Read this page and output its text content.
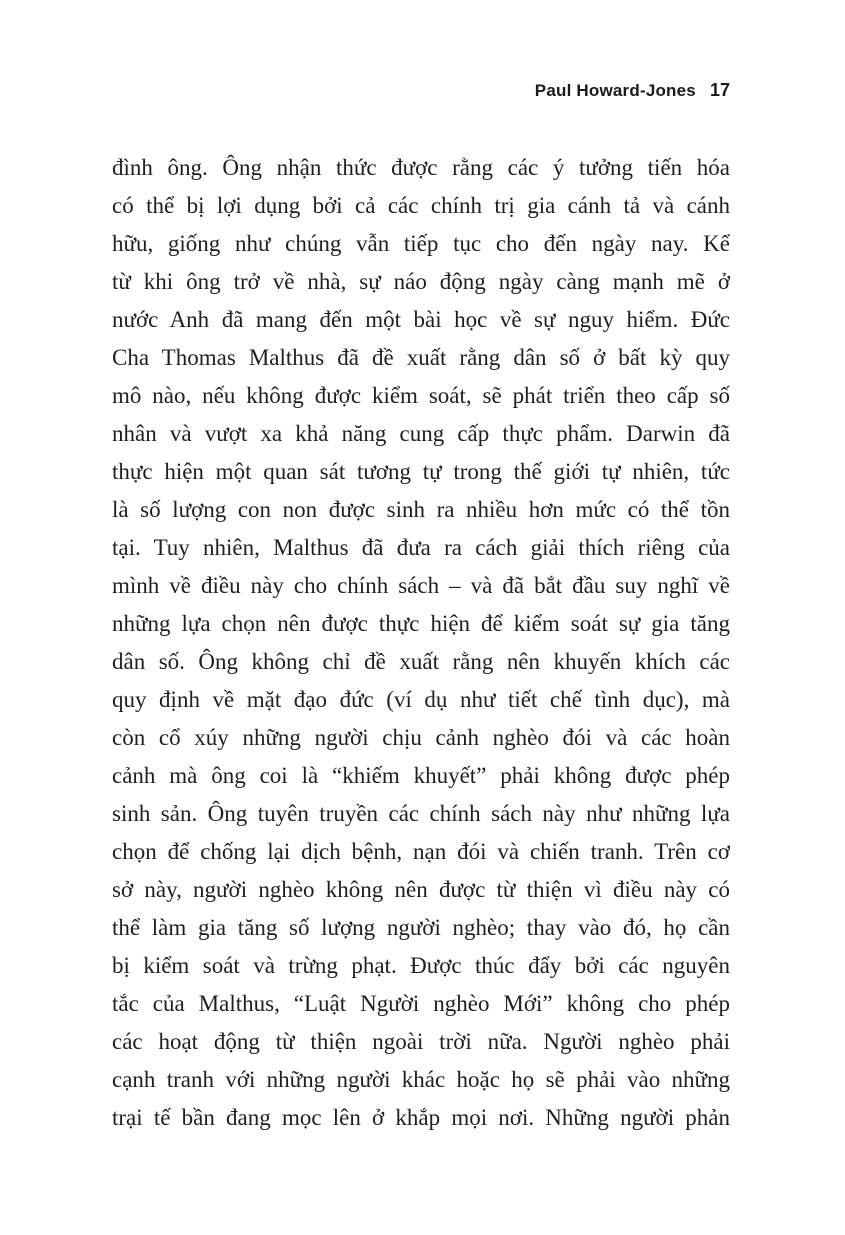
Paul Howard-Jones 17
đình ông. Ông nhận thức được rằng các ý tưởng tiến hóa
có thể bị lợi dụng bởi cả các chính trị gia cánh tả và cánh
hữu, giống như chúng vẫn tiếp tục cho đến ngày nay. Kể
từ khi ông trở về nhà, sự náo động ngày càng mạnh mẽ ở
nước Anh đã mang đến một bài học về sự nguy hiểm. Đức
Cha Thomas Malthus đã đề xuất rằng dân số ở bất kỳ quy
mô nào, nếu không được kiểm soát, sẽ phát triển theo cấp số
nhân và vượt xa khả năng cung cấp thực phẩm. Darwin đã
thực hiện một quan sát tương tự trong thế giới tự nhiên, tức
là số lượng con non được sinh ra nhiều hơn mức có thể tồn
tại. Tuy nhiên, Malthus đã đưa ra cách giải thích riêng của
mình về điều này cho chính sách – và đã bắt đầu suy nghĩ về
những lựa chọn nên được thực hiện để kiểm soát sự gia tăng
dân số. Ông không chỉ đề xuất rằng nên khuyến khích các
quy định về mặt đạo đức (ví dụ như tiết chế tình dục), mà
còn cổ xúy những người chịu cảnh nghèo đói và các hoàn
cảnh mà ông coi là “khiếm khuyết” phải không được phép
sinh sản. Ông tuyên truyền các chính sách này như những lựa
chọn để chống lại dịch bệnh, nạn đói và chiến tranh. Trên cơ
sở này, người nghèo không nên được từ thiện vì điều này có
thể làm gia tăng số lượng người nghèo; thay vào đó, họ cần
bị kiểm soát và trừng phạt. Được thúc đẩy bởi các nguyên
tắc của Malthus, “Luật Người nghèo Mới” không cho phép
các hoạt động từ thiện ngoài trời nữa. Người nghèo phải
cạnh tranh với những người khác hoặc họ sẽ phải vào những
trại tế bần đang mọc lên ở khắp mọi nơi. Những người phản
